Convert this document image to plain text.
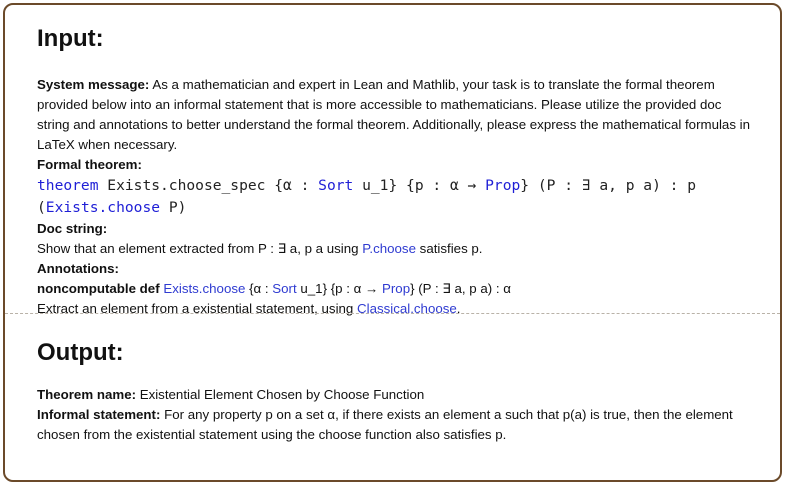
Input:
System message: As a mathematician and expert in Lean and Mathlib, your task is to translate the formal theorem provided below into an informal statement that is more accessible to mathematicians. Please utilize the provided doc string and annotations to better understand the formal theorem. Additionally, please express the mathematical formulas in LaTeX when necessary.
Formal theorem:
theorem Exists.choose_spec {α : Sort u_1} {p : α → Prop} (P : ∃ a, p a) : p
(Exists.choose P)
Doc string:
Show that an element extracted from P : ∃ a, p a using P.choose satisfies p.
Annotations:
noncomputable def Exists.choose {α : Sort u_1} {p : α → Prop} (P : ∃ a, p a) : α
Extract an element from a existential statement, using Classical.choose.
Output:
Theorem name: Existential Element Chosen by Choose Function
Informal statement: For any property p on a set α, if there exists an element a such that p(a) is true, then the element chosen from the existential statement using the choose function also satisfies p.
